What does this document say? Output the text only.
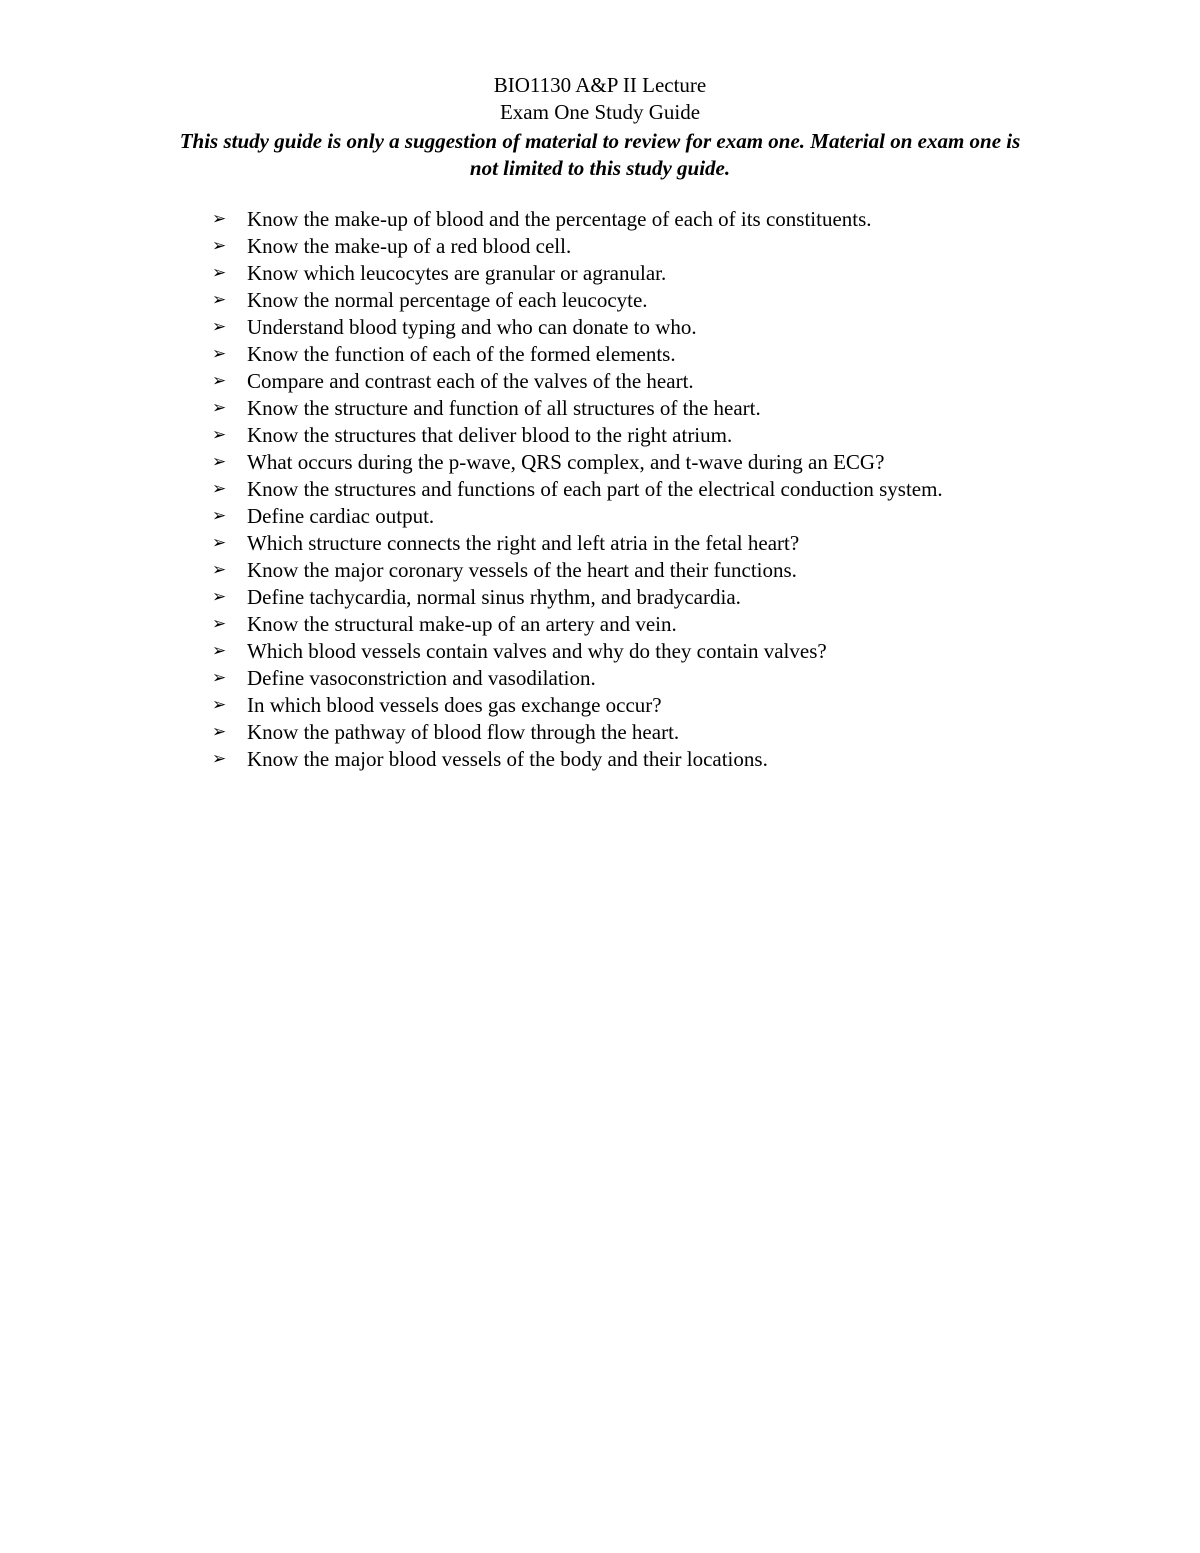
BIO1130 A&P II Lecture

Exam One Study Guide

This study guide is only a suggestion of material to review for exam one. Material on exam one is not limited to this study guide.

➢ Know the make-up of blood and the percentage of each of its constituents.
➢ Know the make-up of a red blood cell.
➢ Know which leucocytes are granular or agranular.
➢ Know the normal percentage of each leucocyte.
➢ Understand blood typing and who can donate to who.
➢ Know the function of each of the formed elements.
➢ Compare and contrast each of the valves of the heart.
➢ Know the structure and function of all structures of the heart.
➢ Know the structures that deliver blood to the right atrium.
➢ What occurs during the p-wave, QRS complex, and t-wave during an ECG?
➢ Know the structures and functions of each part of the electrical conduction system.
➢ Define cardiac output.
➢ Which structure connects the right and left atria in the fetal heart?
➢ Know the major coronary vessels of the heart and their functions.
➢ Define tachycardia, normal sinus rhythm, and bradycardia.
➢ Know the structural make-up of an artery and vein.
➢ Which blood vessels contain valves and why do they contain valves?
➢ Define vasoconstriction and vasodilation.
➢ In which blood vessels does gas exchange occur?
➢ Know the pathway of blood flow through the heart.
➢ Know the major blood vessels of the body and their locations.
